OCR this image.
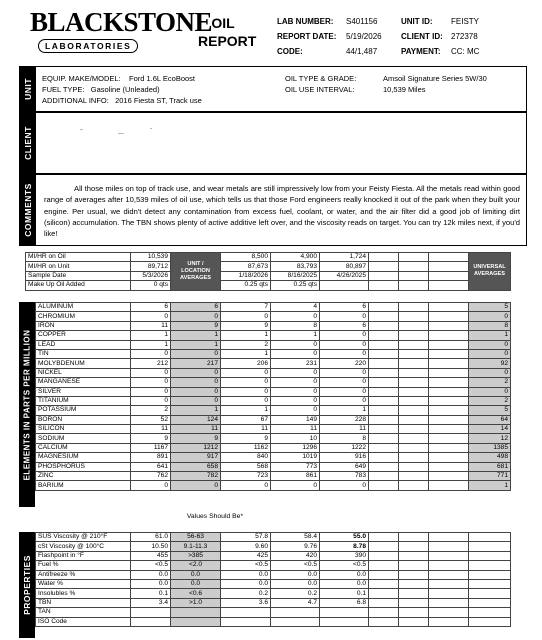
BLACKSTONE
LABORATORIES
OIL
REPORT
LAB NUMBER:
REPORT DATE:
CODE:
S401156
5/19/2026
44/1,487
UNIT ID:
CLIENT ID:
PAYMENT:
FEISTY
272378
CC: MC
UNIT EQUIP. MAKE/MODEL: Ford 1.6L EcoBoost
FUEL TYPE: Gasoline (Unleaded)
ADDITIONAL INFO: 2016 Fiesta ST, Track use
OIL TYPE & GRADE:
OIL USE INTERVAL:
Amsoil Signature Series 5W/30
10,539 Miles
CLIENT
COMMENTS	All those miles on top of track use, and wear metals are still impressively low from your Feisty Fiesta. All the metals read within good range of averages after 10,539 miles of oil use, which tells us that those Ford engineers really knocked it out of the park when they built your engine. Per usual, we didn't detect any contamination from excess fuel, coolant, or water, and the air filter did a good job of limiting dirt (silicon) accumulation. The TBN shows plenty of active additive left over, and the viscosity reads on target. You can try 12k miles next, if you'd like!
MI/HR on Oil	10,539	UNIT / LOCATION AVERAGES	8,500	4,900	1,724				UNIVERSAL AVERAGES
MI/HR on Unit	89,712		87,673	83,793	80,897				
Sample Date	5/3/2026		1/18/2026	8/16/2025	4/26/2025				
Make Up Oil Added	0 qts		0.25 qts	0.25 qts					
ELEMENTS IN PARTS PER MILLION
ALUMINUM	6	6	7	4	6				5
CHROMIUM	0	0	0	0	0				0
IRON	11	9	9	8	6				8
COPPER	1	1	1	1	0				1
LEAD	1	1	2	0	0				0
TIN	0	0	1	0	0				0
MOLYBDENUM	212	217	206	231	220				92
NICKEL	0	0	0	0	0				0
MANGANESE	0	0	0	0	0				2
SILVER	0	0	0	0	0				0
TITANIUM	0	0	0	0	0				2
POTASSIUM	2	1	1	0	1				5
BORON	52	124	67	149	228				64
SILICON	11	11	11	11	11				14
SODIUM	9	9	9	10	8				12
CALCIUM	1167	1212	1162	1296	1222				1385
MAGNESIUM	891	917	840	1019	916				498
PHOSPHORUS	641	658	568	773	649				681
ZINC	762	782	723	861	783				771
BARIUM	0	0	0	0	0				1
Values Should Be*
PROPERTIES
SUS Viscosity @ 210°F	61.0	56-63	57.8	58.4	55.0				
cSt Viscosity @ 100°C	10.50	9.1-11.3	9.60	9.76	8.78				
Flashpoint in °F	455	>385	425	420	390				
Fuel %	<0.5	<2.0	<0.5	<0.5	<0.5				
Antifreeze %	0.0	0.0	0.0	0.0	0.0				
Water %	0.0	0.0	0.0	0.0	0.0				
Insolubles %	0.1	<0.6	0.2	0.2	0.1				
TBN	3.4	>1.0	3.6	4.7	6.8				
TAN									
ISO Code									
